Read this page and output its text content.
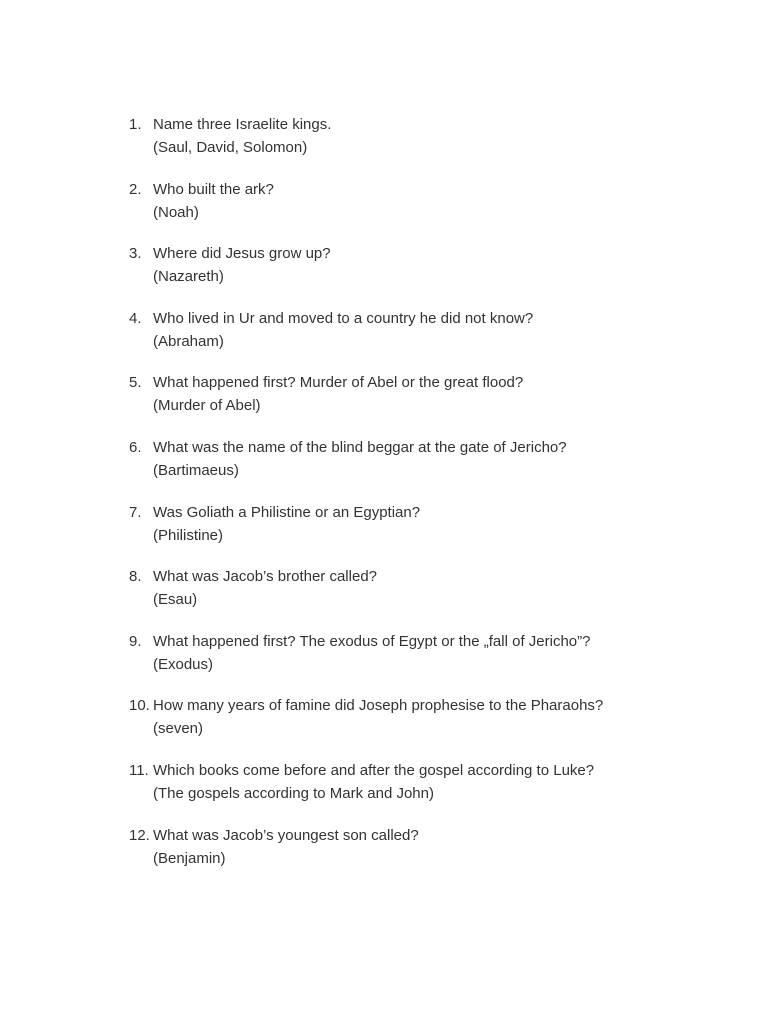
1. Name three Israelite kings.
(Saul, David, Solomon)
2. Who built the ark?
(Noah)
3. Where did Jesus grow up?
(Nazareth)
4. Who lived in Ur and moved to a country he did not know?
(Abraham)
5. What happened first? Murder of Abel or the great flood?
(Murder of Abel)
6. What was the name of the blind beggar at the gate of Jericho?
(Bartimaeus)
7. Was Goliath a Philistine or an Egyptian?
(Philistine)
8. What was Jacob’s brother called?
(Esau)
9. What happened first? The exodus of Egypt or the „fall of Jericho”?
(Exodus)
10. How many years of famine did Joseph prophesise to the Pharaohs?
(seven)
11. Which books come before and after the gospel according to Luke?
(The gospels according to Mark and John)
12. What was Jacob’s youngest son called?
(Benjamin)
